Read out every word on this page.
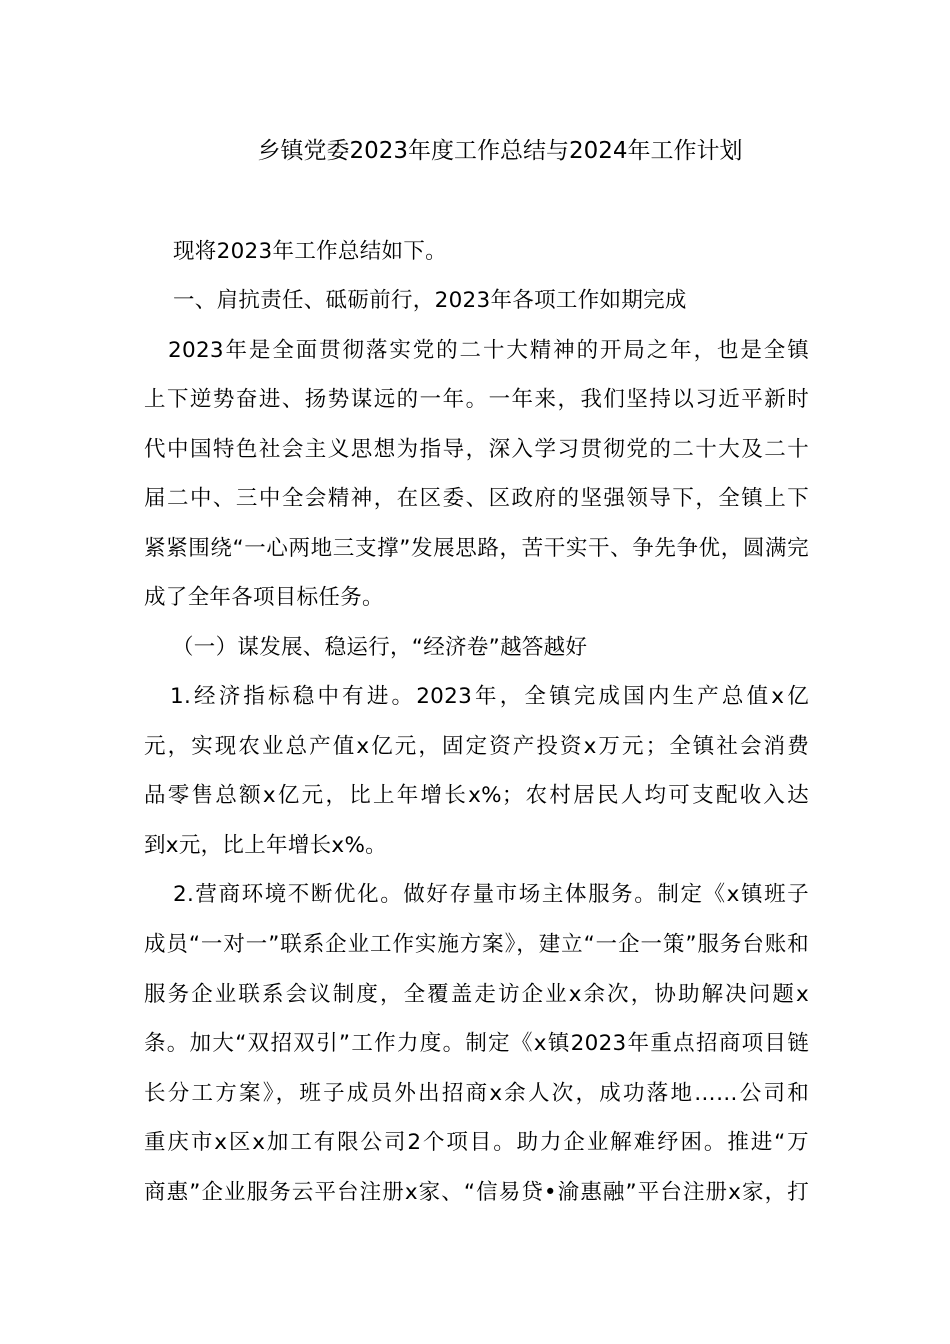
乡镇党委2023年度工作总结与2024年工作计划
现将2023年工作总结如下。
一、肩抗责任、砥砺前行，2023年各项工作如期完成
2023年是全面贯彻落实党的二十大精神的开局之年，也是全镇
上下逆势奋进、扬势谋远的一年。一年来，我们坚持以习近平新时
代中国特色社会主义思想为指导，深入学习贯彻党的二十大及二十
届二中、三中全会精神，在区委、区政府的坚强领导下，全镇上下
紧紧围绕“一心两地三支撑”发展思路，苦干实干、争先争优，圆满完
成了全年各项目标任务。
（一）谋发展、稳运行，“经济卷”越答越好
1.经济指标稳中有进。2023年，全镇完成国内生产总值x亿
元，实现农业总产值x亿元，固定资产投资x万元；全镇社会消费
品零售总额x亿元，比上年增长x%；农村居民人均可支配收入达
到x元，比上年增长x%。
2.营商环境不断优化。做好存量市场主体服务。制定《x镇班子
成员“一对一”联系企业工作实施方案》，建立“一企一策”服务台账和
服务企业联系会议制度，全覆盖走访企业x余次，协助解决问题x
条。加大“双招双引”工作力度。制定《x镇2023年重点招商项目链
长分工方案》，班子成员外出招商x余人次，成功落地……公司和
重庆市x区x加工有限公司2个项目。助力企业解难纾困。推进“万
商惠”企业服务云平台注册x家、“信易贷•渝惠融”平台注册x家，打
